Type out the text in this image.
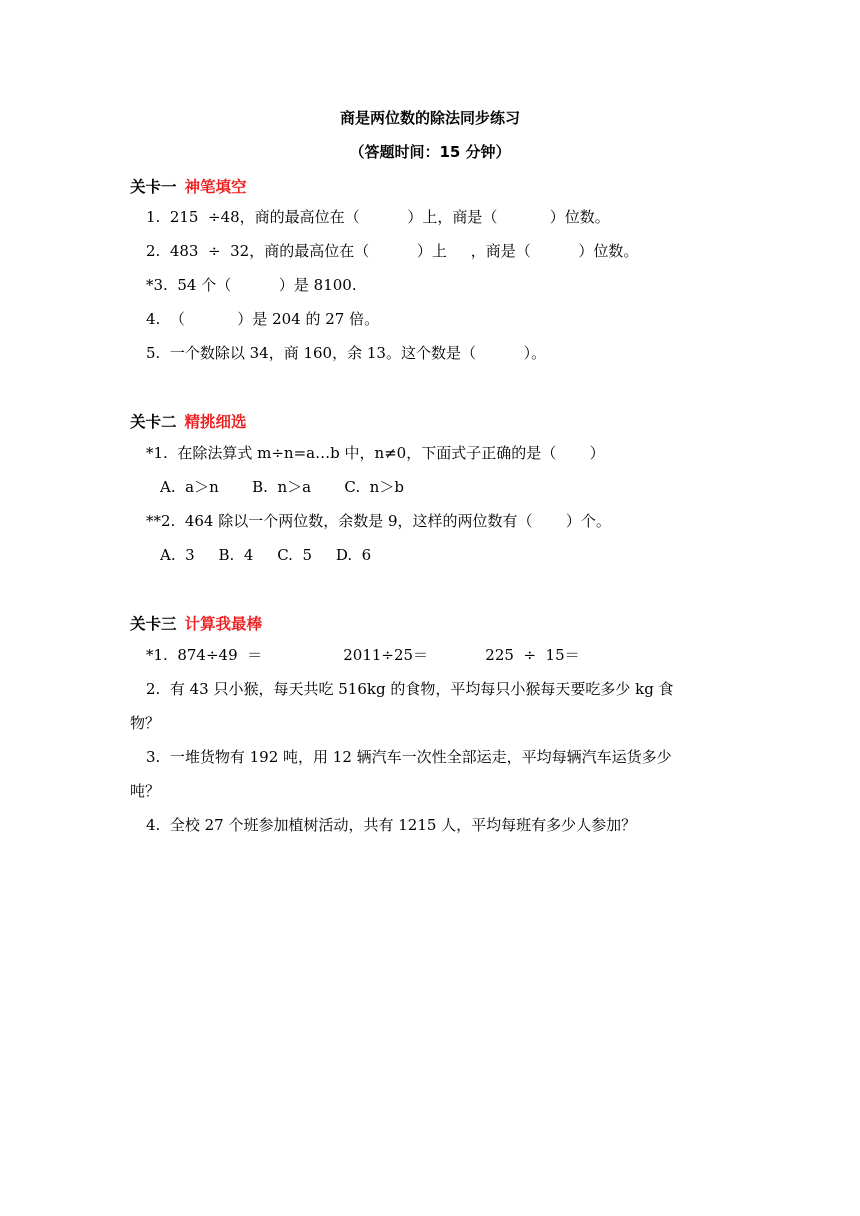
商是两位数的除法同步练习
（答题时间：15 分钟）
关卡一 神笔填空
1.  215  ÷48，商的最高位在（          ）上，商是（           ）位数。
2.  483  ÷  32，商的最高位在（          ）上     ，商是（          ）位数。
*3.  54 个（          ）是 8100.
4.  （           ）是 204 的 27 倍。
5.  一个数除以 34，商 160，余 13。这个数是（          ）。
关卡二 精挑细选
*1.  在除法算式 m÷n=a…b 中，n≠0，下面式子正确的是（       ）
A.  a＞n       B.  n＞a       C.  n＞b
**2.  464 除以一个两位数，余数是 9，这样的两位数有（       ）个。
A.  3     B.  4     C.  5     D.  6
关卡三 计算我最棒
*1.  874÷49  ＝                 2011÷25＝            225  ÷  15＝
2.  有 43 只小猴，每天共吃 516kg 的食物，平均每只小猴每天要吃多少 kg 食
物？
3.  一堆货物有 192 吨，用 12 辆汽车一次性全部运走，平均每辆汽车运货多少
吨？
4.  全校 27 个班参加植树活动，共有 1215 人，平均每班有多少人参加？
